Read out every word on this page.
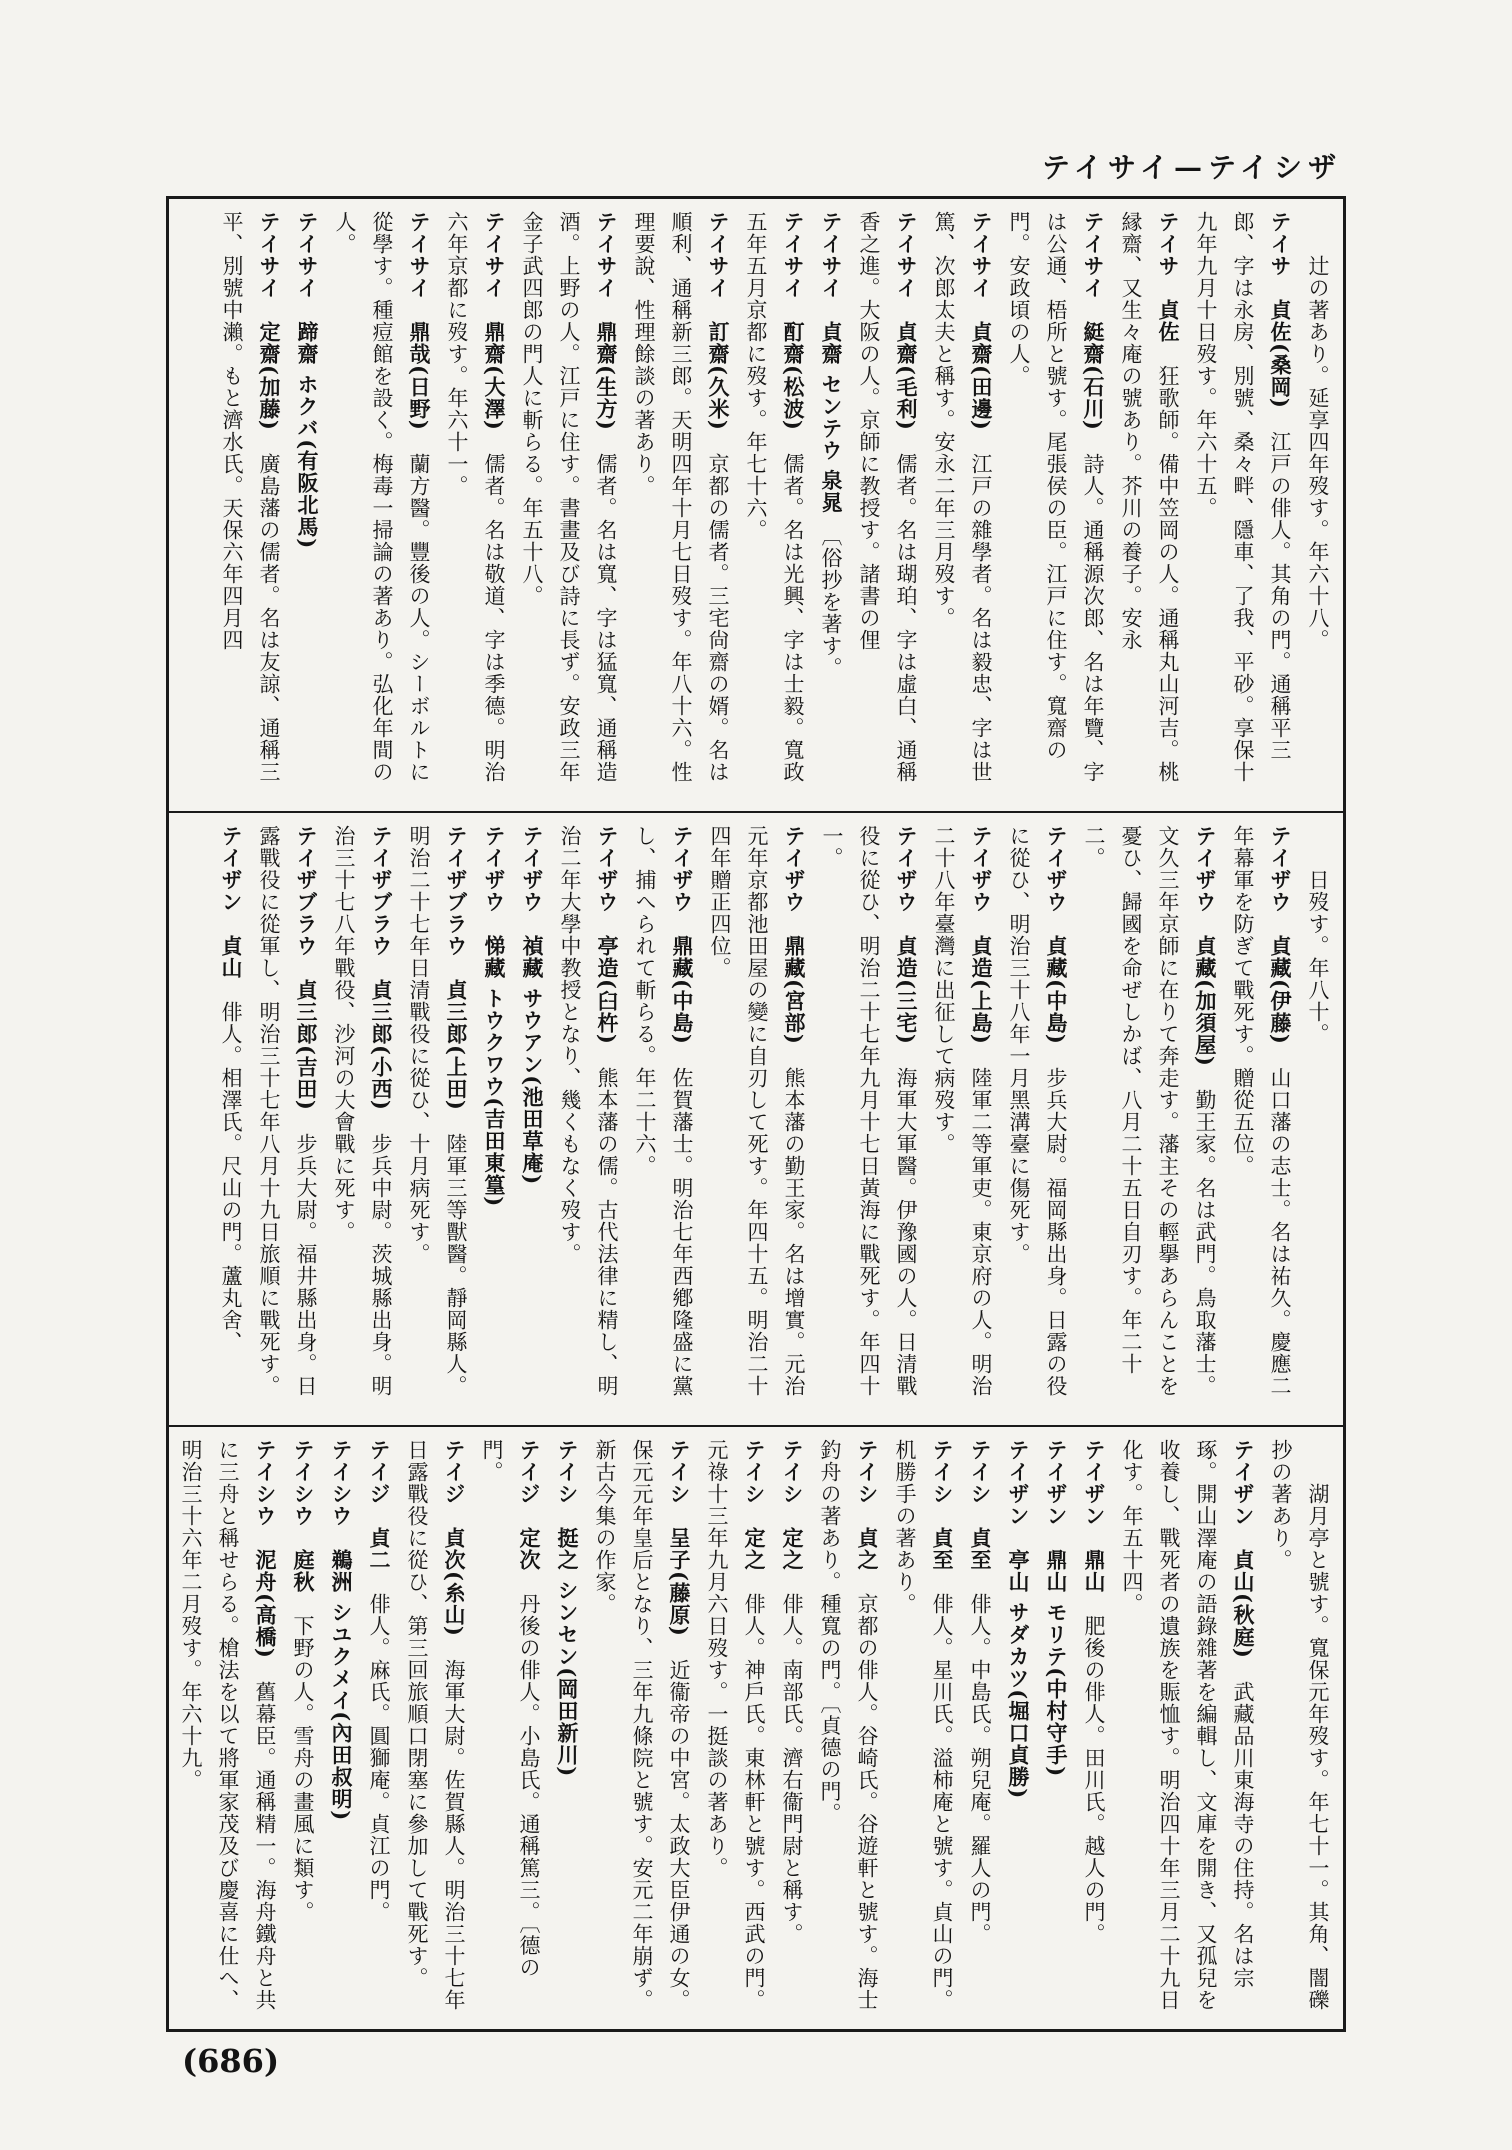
テイサイ—テイシザ
　　辻の著あり。延享四年歿す。年六十八。
テイサ　貞佐(桑岡)　江戸の俳人。其角の門。通稱平三郎、字は永房、別號、桑々畔、隱車、了我、平砂。享保十九年九月十日歿す。年六十五。
テイサ　貞佐　狂歌師。備中笠岡の人。通稱丸山河吉。桃縁齋、又生々庵の號あり。芥川の養子。安永
テイサイ　綎齋(石川)　詩人。通稱源次郎、名は年覽、字は公通、梧所と號す。尾張侯の臣。江戸に住す。寬齋の門。安政頃の人。
テイサイ　貞齋(田邊)　江戸の雜學者。名は毅忠、字は世篤、次郎太夫と稱す。安永二年三月歿す。
テイサイ　貞齋(毛利)　儒者。名は瑚珀、字は虛白、通稱香之進。大阪の人。京師に教授す。諸書の俚
テイサイ　貞齋 センテウ 泉晁　〔俗抄を著す。
テイサイ　酊齋(松波)　儒者。名は光興、字は士毅。寬政五年五月京都に歿す。年七十六。
テイサイ　訂齋(久米)　京都の儒者。三宅尙齋の婿。名は順利、通稱新三郎。天明四年十月七日歿す。年八十六。性理要說、性理餘談の著あり。
テイサイ　鼎齋(生方)　儒者。名は寬、字は猛寬、通稱造酒。上野の人。江戸に住す。書畫及び詩に長ず。安政三年金子武四郎の門人に斬らる。年五十八。
テイサイ　鼎齋(大澤)　儒者。名は敬道、字は季德。明治六年京都に歿す。年六十一。
テイサイ　鼎哉(日野)　蘭方醫。豐後の人。シーボルトに從學す。種痘館を設く。梅毒一掃論の著あり。弘化年間の人。
テイサイ　蹄齋 ホクバ(有阪北馬)　
テイサイ　定齋(加藤)　廣島藩の儒者。名は友諒、通稱三平、別號中瀨。もと濟水氏。天保六年四月四
　　日歿す。年八十。
テイザウ　貞藏(伊藤)　山口藩の志士。名は祐久。慶應二年幕軍を防ぎて戰死す。贈從五位。
テイザウ　貞藏(加須屋)　勤王家。名は武門。鳥取藩士。文久三年京師に在りて奔走す。藩主その輕擧あらんことを憂ひ、歸國を命ぜしかば、八月二十五日自刃す。年二十二。
テイザウ　貞藏(中島)　步兵大尉。福岡縣出身。日露の役に從ひ、明治三十八年一月黑溝臺に傷死す。
テイザウ　貞造(上島)　陸軍二等軍吏。東京府の人。明治二十八年臺灣に出征して病歿す。
テイザウ　貞造(三宅)　海軍大軍醫。伊豫國の人。日清戰役に從ひ、明治二十七年九月十七日黃海に戰死す。年四十一。
テイザウ　鼎藏(宮部)　熊本藩の勤王家。名は增實。元治元年京都池田屋の變に自刃して死す。年四十五。明治二十四年贈正四位。
テイザウ　鼎藏(中島)　佐賀藩士。明治七年西鄕隆盛に黨し、捕へられて斬らる。年二十六。
テイザウ　亭造(臼杵)　熊本藩の儒。古代法律に精し、明治二年大學中教授となり、幾くもなく歿す。
テイザウ　禎藏 サウアン(池田草庵)　
テイザウ　悌藏 トウクワウ(吉田東篁)　
テイザブラウ　貞三郎(上田)　陸軍三等獸醫。靜岡縣人。明治二十七年日清戰役に從ひ、十月病死す。
テイザブラウ　貞三郎(小西)　步兵中尉。茨城縣出身。明治三十七八年戰役、沙河の大會戰に死す。
テイザブラウ　貞三郎(吉田)　步兵大尉。福井縣出身。日露戰役に從軍し、明治三十七年八月十九日旅順に戰死す。
テイザン　貞山　俳人。相澤氏。尺山の門。蘆丸舍、
　　湖月亭と號す。寬保元年歿す。年七十一。其角、闇礫抄の著あり。
テイザン　貞山(秋庭)　武藏品川東海寺の住持。名は宗琢。開山澤庵の語錄雜著を編輯し、文庫を開き、又孤兒を收養し、戰死者の遺族を賑恤す。明治四十年三月二十九日化す。年五十四。
テイザン　鼎山　肥後の俳人。田川氏。越人の門。
テイザン　鼎山 モリテ(中村守手)　
テイザン　亭山 サダカツ(堀口貞勝)　
テイシ　貞至　俳人。中島氏。朔兒庵。羅人の門。
テイシ　貞至　俳人。星川氏。溢柿庵と號す。貞山の門。机勝手の著あり。
テイシ　貞之　京都の俳人。谷崎氏。谷遊軒と號す。海士釣舟の著あり。種寬の門。〔貞德の門。
テイシ　定之　俳人。南部氏。濟右衞門尉と稱す。
テイシ　定之　俳人。神戶氏。東林軒と號す。西武の門。元祿十三年九月六日歿す。一挺談の著あり。
テイシ　呈子(藤原)　近衞帝の中宮。太政大臣伊通の女。保元元年皇后となり、三年九條院と號す。安元二年崩ず。新古今集の作家。
テイシ　挺之 シンセン(岡田新川)　
テイジ　定次　丹後の俳人。小島氏。通稱篤三。〔德の門。
テイジ　貞次(糸山)　海軍大尉。佐賀縣人。明治三十七年日露戰役に從ひ、第三回旅順口閉塞に參加して戰死す。
テイジ　貞二　俳人。麻氏。圓獅庵。貞江の門。
テイシウ　鵜洲 シユクメイ(內田叔明)　
テイシウ　庭秋　下野の人。雪舟の畫風に類す。
テイシウ　泥舟(高橋)　舊幕臣。通稱精一。海舟鐵舟と共に三舟と稱せらる。槍法を以て將軍家茂及び慶喜に仕へ、明治三十六年二月歿す。年六十九。
(686)
